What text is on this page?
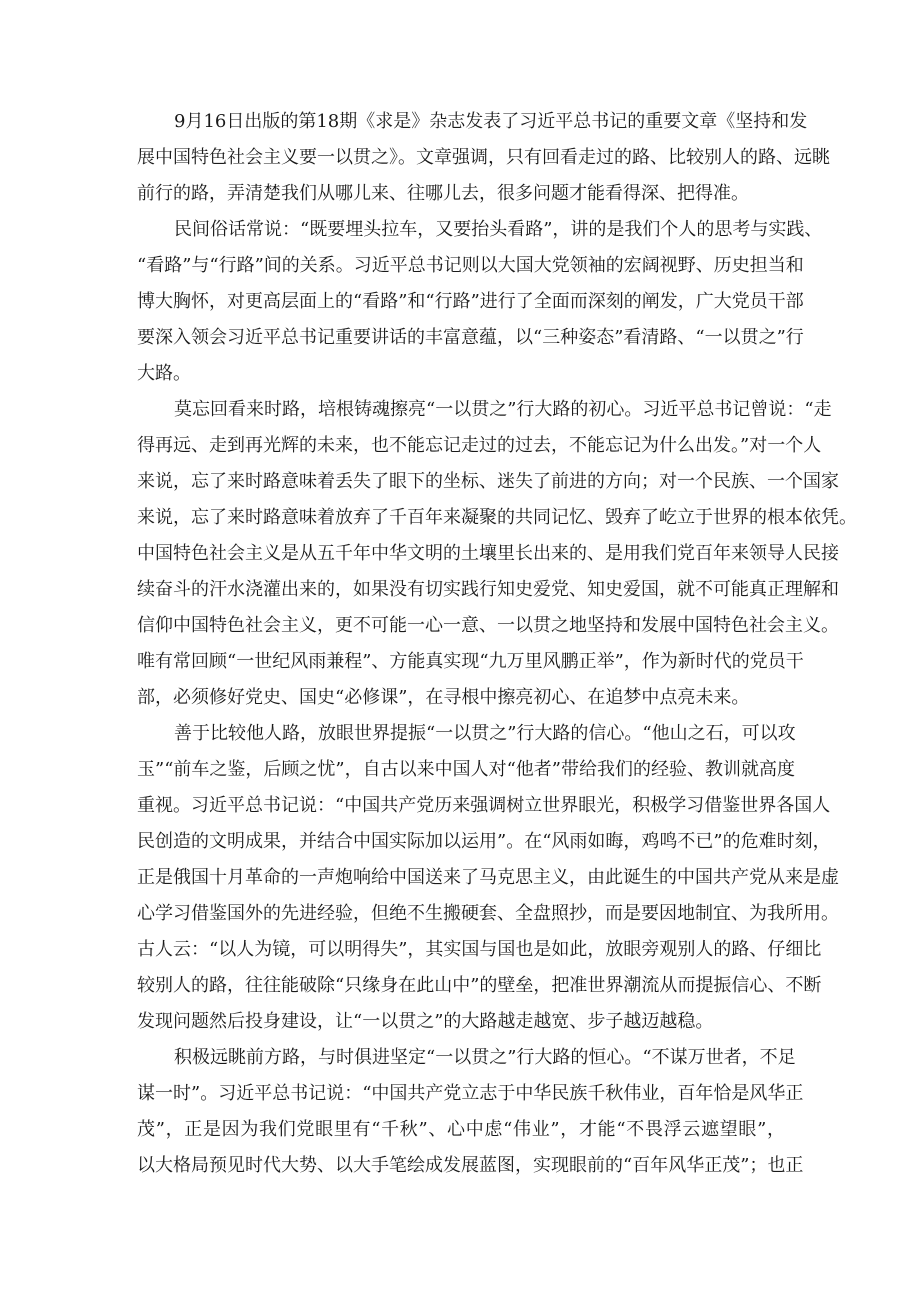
9月16日出版的第18期《求是》杂志发表了习近平总书记的重要文章《坚持和发
展中国特色社会主义要一以贯之》。文章强调，只有回看走过的路、比较别人的路、远眺
前行的路，弄清楚我们从哪儿来、往哪儿去，很多问题才能看得深、把得准。
民间俗话常说：“既要埋头拉车，又要抬头看路”，讲的是我们个人的思考与实践、
“看路”与“行路”间的关系。习近平总书记则以大国大党领袖的宏阔视野、历史担当和
博大胸怀，对更高层面上的“看路”和“行路”进行了全面而深刻的阐发，广大党员干部
要深入领会习近平总书记重要讲话的丰富意蕴，以“三种姿态”看清路、“一以贯之”行
大路。
莫忘回看来时路，培根铸魂擦亮“一以贯之”行大路的初心。习近平总书记曾说：“走
得再远、走到再光辉的未来，也不能忘记走过的过去，不能忘记为什么出发。”对一个人
来说，忘了来时路意味着丢失了眼下的坐标、迷失了前进的方向；对一个民族、一个国家
来说，忘了来时路意味着放弃了千百年来凝聚的共同记忆、毁弃了屹立于世界的根本依凭。
中国特色社会主义是从五千年中华文明的土壤里长出来的、是用我们党百年来领导人民接
续奋斗的汗水浇灌出来的，如果没有切实践行知史爱党、知史爱国，就不可能真正理解和
信仰中国特色社会主义，更不可能一心一意、一以贯之地坚持和发展中国特色社会主义。
唯有常回顾“一世纪风雨兼程”、方能真实现“九万里风鹏正举”，作为新时代的党员干
部，必须修好党史、国史“必修课”，在寻根中擦亮初心、在追梦中点亮未来。
善于比较他人路，放眼世界提振“一以贯之”行大路的信心。“他山之石，可以攻
玉”“前车之鉴，后顾之忧”，自古以来中国人对“他者”带给我们的经验、教训就高度
重视。习近平总书记说：“中国共产党历来强调树立世界眼光，积极学习借鉴世界各国人
民创造的文明成果，并结合中国实际加以运用”。在“风雨如晦，鸡鸣不已”的危难时刻，
正是俄国十月革命的一声炮响给中国送来了马克思主义，由此诞生的中国共产党从来是虚
心学习借鉴国外的先进经验，但绝不生搬硬套、全盘照抄，而是要因地制宜、为我所用。
古人云：“以人为镜，可以明得失”，其实国与国也是如此，放眼旁观别人的路、仔细比
较别人的路，往往能破除“只缘身在此山中”的壁垒，把准世界潮流从而提振信心、不断
发现问题然后投身建设，让“一以贯之”的大路越走越宽、步子越迈越稳。
积极远眺前方路，与时俱进坚定“一以贯之”行大路的恒心。“不谋万世者，不足
谋一时”。习近平总书记说：“中国共产党立志于中华民族千秋伟业，百年恰是风华正
茂”，正是因为我们党眼里有“千秋”、心中虑“伟业”，才能“不畏浮云遮望眼”，
以大格局预见时代大势、以大手笔绘成发展蓝图，实现眼前的“百年风华正茂”；也正
